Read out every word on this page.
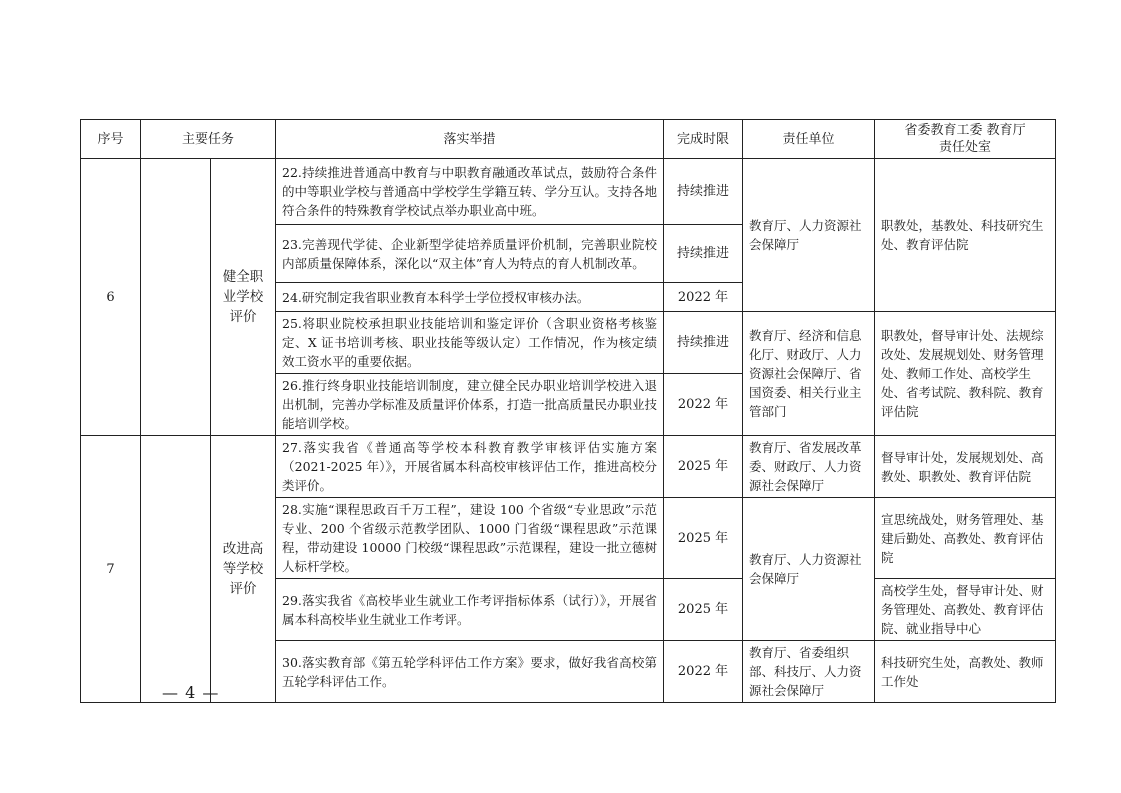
序号	主要任务		落实举措	完成时限	责任单位	省委教育工委 教育厅
责任处室

6		健全职业学校评价	22.持续推进普通高中教育与中职教育融通改革试点，鼓励符合条件的中等职业学校与普通高中学校学生学籍互转、学分互认。支持各地符合条件的特殊教育学校试点举办职业高中班。	持续推进	教育厅、人力资源社会保障厅	职教处，基教处、科技研究生处、教育评估院
			23.完善现代学徒、企业新型学徒培养质量评价机制，完善职业院校内部质量保障体系，深化以“双主体”育人为特点的育人机制改革。	持续推进		
			24.研究制定我省职业教育本科学士学位授权审核办法。	2022 年		
			25.将职业院校承担职业技能培训和鉴定评价（含职业资格考核鉴定、X 证书培训考核、职业技能等级认定）工作情况，作为核定绩效工资水平的重要依据。	持续推进	教育厅、经济和信息化厅、财政厅、人力资源社会保障厅、省国资委、相关行业主管部门	职教处，督导审计处、法规综改处、发展规划处、财务管理处、教师工作处、高校学生处、省考试院、教科院、教育评估院
			26.推行终身职业技能培训制度，建立健全民办职业培训学校进入退出机制，完善办学标准及质量评价体系，打造一批高质量民办职业技能培训学校。	2022 年		
7		改进高等学校评价	27.落实我省《普通高等学校本科教育教学审核评估实施方案（2021-2025 年）》，开展省属本科高校审核评估工作，推进高校分类评价。	2025 年	教育厅、省发展改革委、财政厅、人力资源社会保障厅	督导审计处，发展规划处、高教处、职教处、教育评估院
			28.实施“课程思政百千万工程”，建设 100 个省级“专业思政”示范专业、200 个省级示范教学团队、1000 门省级“课程思政”示范课程，带动建设 10000 门校级“课程思政”示范课程，建设一批立德树人标杆学校。	2025 年	教育厅、人力资源社会保障厅	宣思统战处，财务管理处、基建后勤处、高教处、教育评估院
			29.落实我省《高校毕业生就业工作考评指标体系（试行）》，开展省属本科高校毕业生就业工作考评。	2025 年		高校学生处，督导审计处、财务管理处、高教处、教育评估院、就业指导中心
			30.落实教育部《第五轮学科评估工作方案》要求，做好我省高校第五轮学科评估工作。	2022 年	教育厅、省委组织部、科技厅、人力资源社会保障厅	科技研究生处，高教处、教师工作处
— 4 —
